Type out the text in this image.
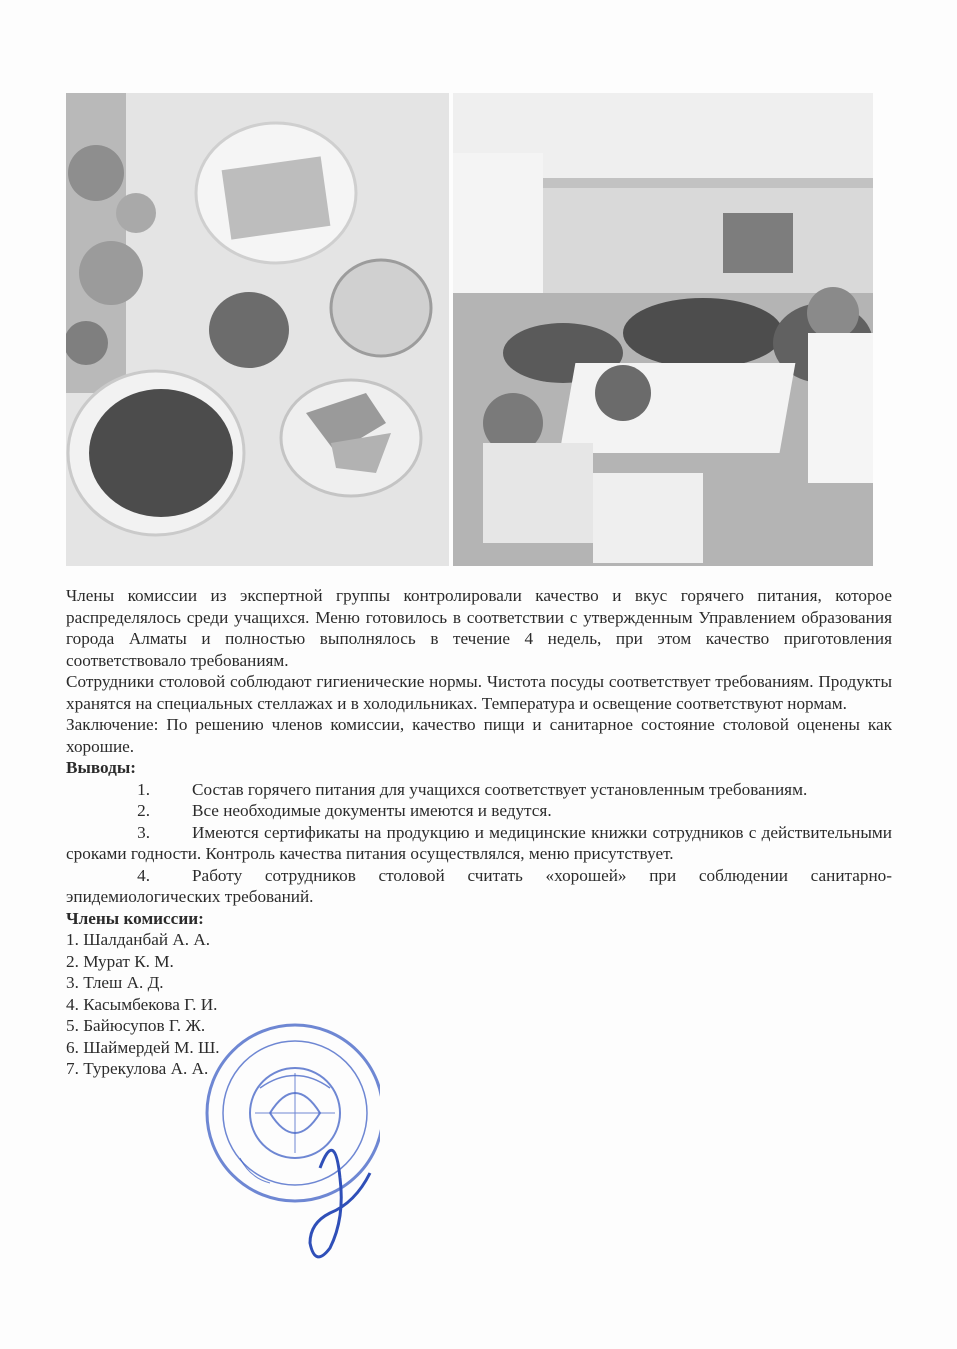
Члены комиссии из экспертной группы контролировали качество и вкус горячего питания, которое распределялось среди учащихся. Меню готовилось в соответствии с утвержденным Управлением образования города Алматы и полностью выполнялось в течение 4 недель, при этом качество приготовления соответствовало требованиям.

Сотрудники столовой соблюдают гигиенические нормы. Чистота посуды соответствует требованиям. Продукты хранятся на специальных стеллажах и в холодильниках. Температура и освещение соответствуют нормам.

Заключение: По решению членов комиссии, качество пищи и санитарное состояние столовой оценены как хорошие.

Выводы:

1. Состав горячего питания для учащихся соответствует установленным требованиям.

2. Все необходимые документы имеются и ведутся.

3. Имеются сертификаты на продукцию и медицинские книжки сотрудников с действительными сроками годности. Контроль качества питания осуществлялся, меню присутствует.

4. Работу сотрудников столовой считать «хорошей» при соблюдении санитарно-эпидемиологических требований.

Члены комиссии:

1. Шалданбай А. А.

2. Мурат К. М.

3. Тлеш А. Д.

4. Касымбекова Г. И.

5. Байюсупов Г. Ж.

6. Шаймердей М. Ш.

7. Турекулова А. А.
